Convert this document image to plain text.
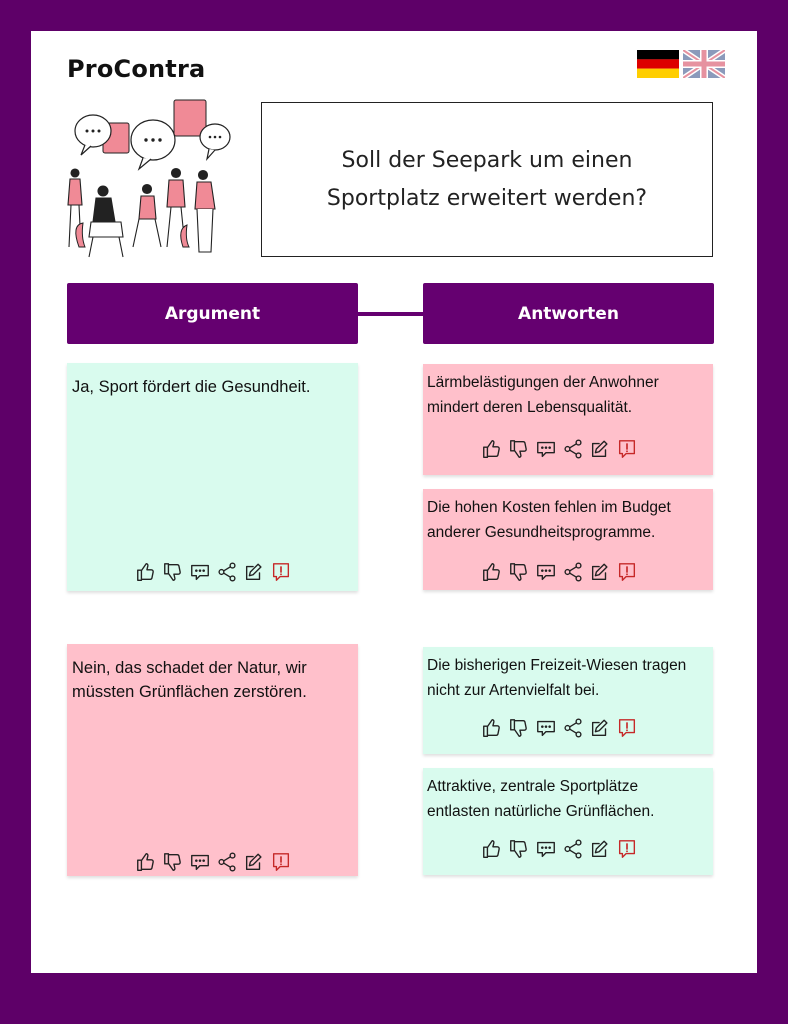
ProContra
Soll der Seepark um einen
Sportplatz erweitert werden?
Argument	Antworten
Ja, Sport fördert die Gesundheit.
Nein, das schadet der Natur, wir müssten Grünflächen zerstören.
Lärmbelästigungen der Anwohner mindert deren Lebensqualität.
Die hohen Kosten fehlen im Budget anderer Gesundheitsprogramme.
Die bisherigen Freizeit-Wiesen tragen nicht zur Artenvielfalt bei.
Attraktive, zentrale Sportplätze entlasten natürliche Grünflächen.
